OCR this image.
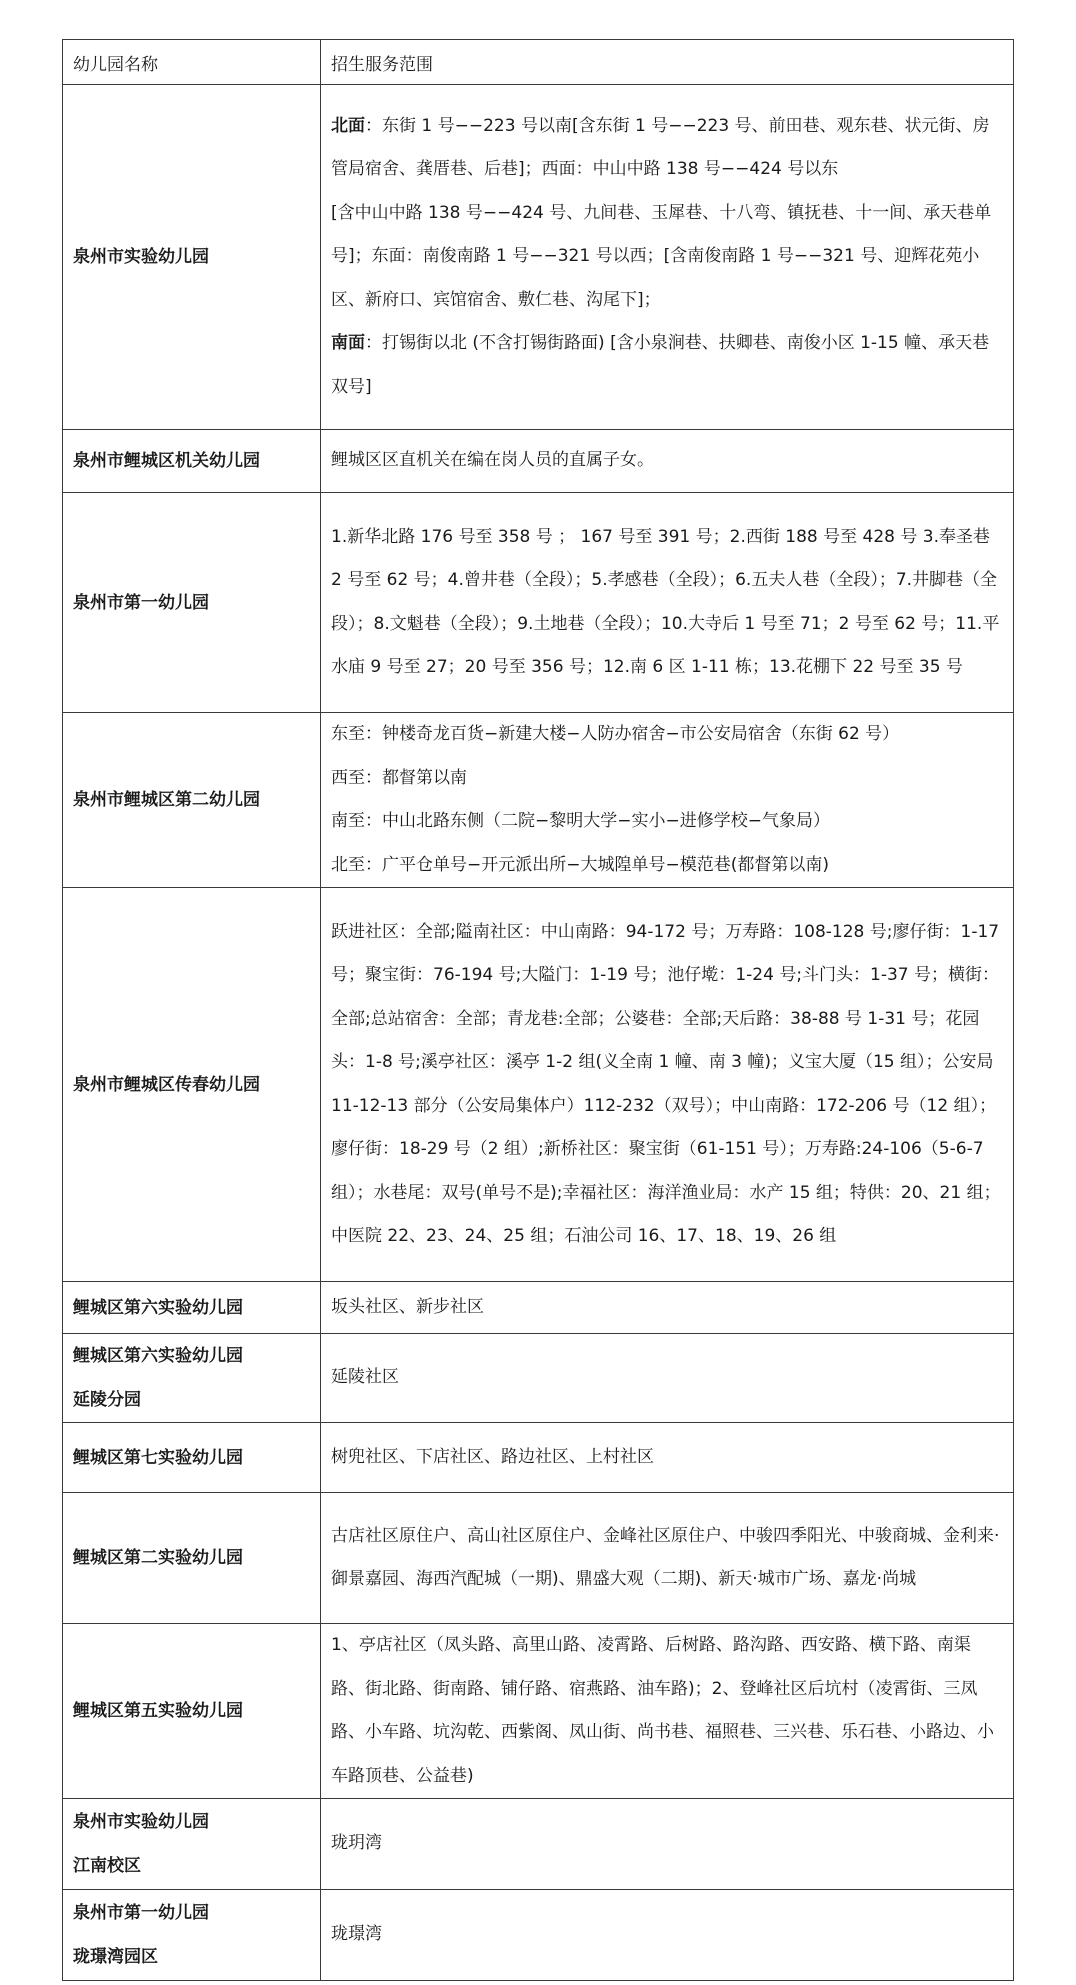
幼儿园名称	招生服务范围

泉州市实验幼儿园	北面：东街 1 号−−223 号以南[含东街 1 号−−223 号、前田巷、观东巷、状元街、房管局宿舍、龚厝巷、后巷]；西面：中山中路 138 号−−424 号以东
[含中山中路 138 号−−424 号、九间巷、玉犀巷、十八弯、镇抚巷、十一间、承天巷单号]；东面：南俊南路 1 号−−321 号以西；[含南俊南路 1 号−−321 号、迎辉花苑小区、新府口、宾馆宿舍、敷仁巷、沟尾下]；
南面：打锡街以北 (不含打锡街路面) [含小泉涧巷、扶卿巷、南俊小区 1-15 幢、承天巷双号]

泉州市鲤城区机关幼儿园	鲤城区区直机关在编在岗人员的直属子女。

泉州市第一幼儿园	1.新华北路 176 号至 358 号 ； 167 号至 391 号；2.西街 188 号至 428 号 3.奉圣巷 2 号至 62 号；4.曾井巷（全段）；5.孝感巷（全段）；6.五夫人巷（全段）；7.井脚巷（全段）；8.文魁巷（全段）；9.土地巷（全段）；10.大寺后 1 号至 71；2 号至 62 号；11.平水庙 9 号至 27；20 号至 356 号；12.南 6 区 1-11 栋；13.花棚下 22 号至 35 号

泉州市鲤城区第二幼儿园	东至：钟楼奇龙百货−新建大楼−人防办宿舍−市公安局宿舍（东街 62 号）
西至：都督第以南
南至：中山北路东侧（二院−黎明大学−实小−进修学校−气象局）
北至：广平仓单号−开元派出所−大城隍单号−模范巷(都督第以南)

泉州市鲤城区传春幼儿园	跃进社区：全部;隘南社区：中山南路：94-172 号；万寿路：108-128 号;廖仔街：1-17 号；聚宝街：76-194 号;大隘门：1-19 号；池仔墘：1-24 号;斗门头：1-37 号；横街：全部;总站宿舍：全部；青龙巷:全部；公婆巷：全部;天后路：38-88 号 1-31 号；花园头：1-8 号;溪亭社区：溪亭 1-2 组(义全南 1 幢、南 3 幢)；义宝大厦（15 组）；公安局 11-12-13 部分（公安局集体户）112-232（双号）；中山南路：172-206 号（12 组）；廖仔街：18-29 号（2 组）;新桥社区：聚宝街（61-151 号）；万寿路:24-106（5-6-7 组）；水巷尾：双号(单号不是);幸福社区：海洋渔业局：水产 15 组；特供：20、21 组；中医院 22、23、24、25 组；石油公司 16、17、18、19、26 组

鲤城区第六实验幼儿园	坂头社区、新步社区

鲤城区第六实验幼儿园
延陵分园	延陵社区

鲤城区第七实验幼儿园	树兜社区、下店社区、路边社区、上村社区

鲤城区第二实验幼儿园	古店社区原住户、高山社区原住户、金峰社区原住户、中骏四季阳光、中骏商城、金利来·御景嘉园、海西汽配城（一期)、鼎盛大观（二期)、新天·城市广场、嘉龙·尚城

鲤城区第五实验幼儿园	1、亭店社区（凤头路、高里山路、凌霄路、后树路、路沟路、西安路、横下路、南渠路、街北路、街南路、铺仔路、宿燕路、油车路)；2、登峰社区后坑村（凌霄街、三凤路、小车路、坑沟乾、西紫阁、凤山街、尚书巷、福照巷、三兴巷、乐石巷、小路边、小车路顶巷、公益巷)

泉州市实验幼儿园
江南校区	珑玥湾

泉州市第一幼儿园
珑璟湾园区	珑璟湾
